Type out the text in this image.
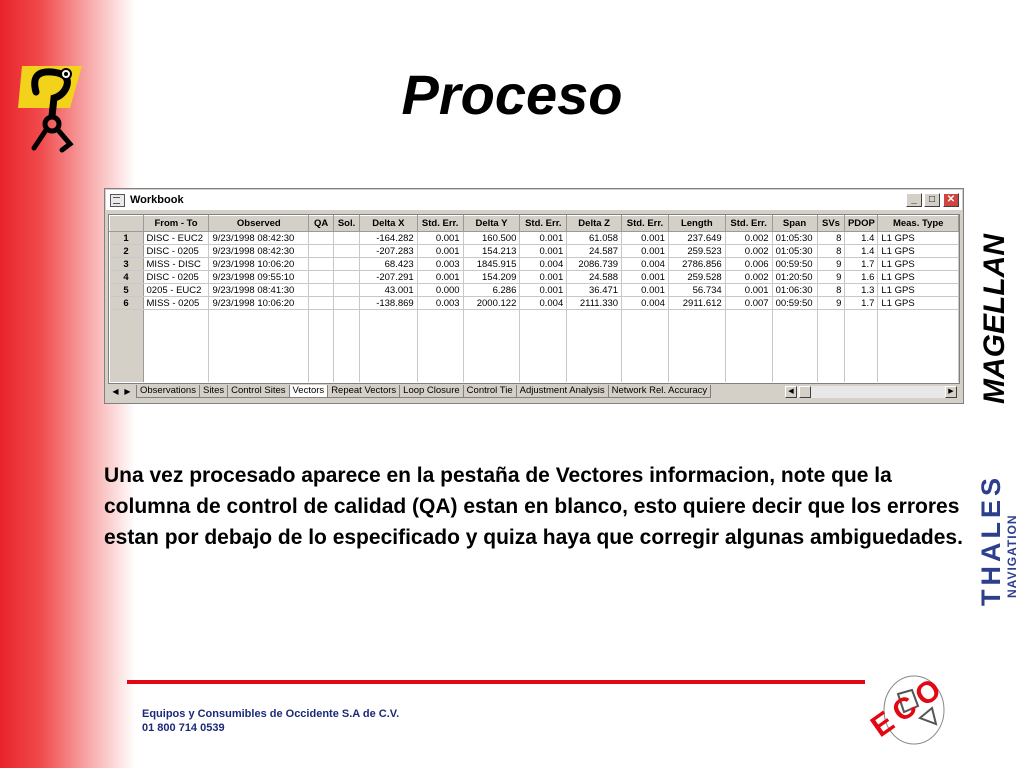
Proceso
Workbook	_	□	✕
	From - To	Observed	QA	Sol.	Delta X	Std. Err.	Delta Y	Std. Err.	Delta Z	Std. Err.	Length	Std. Err.	Span	SVs	PDOP	Meas. Type
1	DISC - EUC2	9/23/1998 08:42:30			-164.282	0.001	160.500	0.001	61.058	0.001	237.649	0.002	01:05:30	8	1.4	L1 GPS
2	DISC - 0205	9/23/1998 08:42:30			-207.283	0.001	154.213	0.001	24.587	0.001	259.523	0.002	01:05:30	8	1.4	L1 GPS
3	MISS - DISC	9/23/1998 10:06:20			68.423	0.003	1845.915	0.004	2086.739	0.004	2786.856	0.006	00:59:50	9	1.7	L1 GPS
4	DISC - 0205	9/23/1998 09:55:10			-207.291	0.001	154.209	0.001	24.588	0.001	259.528	0.002	01:20:50	9	1.6	L1 GPS
5	0205 - EUC2	9/23/1998 08:41:30			43.001	0.000	6.286	0.001	36.471	0.001	56.734	0.001	01:06:30	8	1.3	L1 GPS
6	MISS - 0205	9/23/1998 10:06:20			-138.869	0.003	2000.122	0.004	2111.330	0.004	2911.612	0.007	00:59:50	9	1.7	L1 GPS

◀ ▶ Observations Sites Control Sites Vectors Repeat Vectors Loop Closure Control Tie Adjustment Analysis Network Rel. Accuracy	◀	▶
Una vez procesado aparece en la pestaña de Vectores informacion, note que la columna de control de calidad (QA) estan en blanco, esto quiere decir que los errores estan por debajo de lo especificado y quiza haya que corregir algunas ambiguedades.
MAGELLAN
THALES NAVIGATION
Equipos y Consumibles de Occidente S.A de C.V.
01 800 714 0539	ECO
